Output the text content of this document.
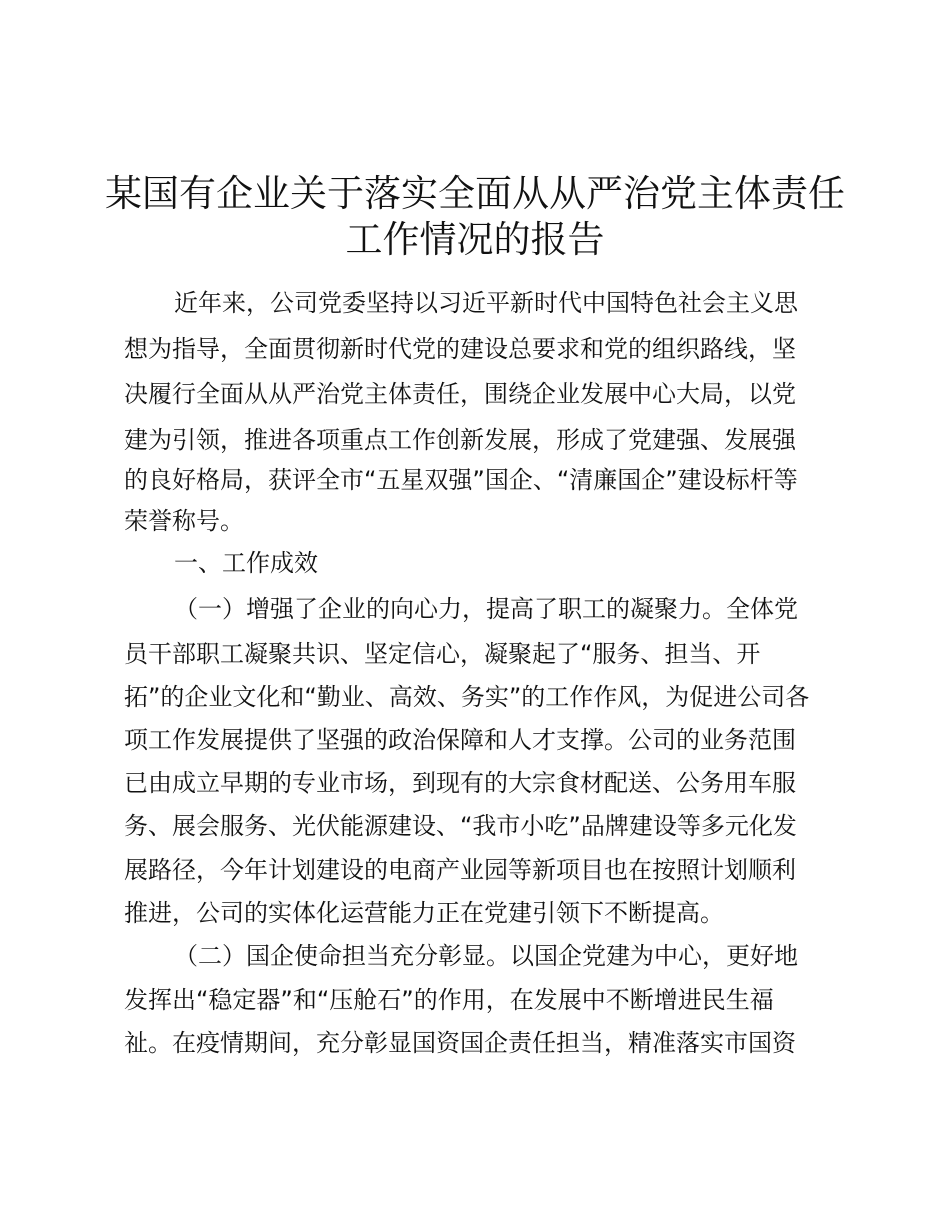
某国有企业关于落实全面从从严治党主体责任
工作情况的报告
近年来，公司党委坚持以习近平新时代中国特色社会主义思
想为指导，全面贯彻新时代党的建设总要求和党的组织路线，坚
决履行全面从从严治党主体责任，围绕企业发展中心大局，以党
建为引领，推进各项重点工作创新发展，形成了党建强、发展强
的良好格局，获评全市“五星双强”国企、“清廉国企”建设标杆等
荣誉称号。
一、工作成效
（一）增强了企业的向心力，提高了职工的凝聚力。全体党
员干部职工凝聚共识、坚定信心，凝聚起了“服务、担当、开
拓”的企业文化和“勤业、高效、务实”的工作作风，为促进公司各
项工作发展提供了坚强的政治保障和人才支撑。公司的业务范围
已由成立早期的专业市场，到现有的大宗食材配送、公务用车服
务、展会服务、光伏能源建设、“我市小吃”品牌建设等多元化发
展路径，今年计划建设的电商产业园等新项目也在按照计划顺利
推进，公司的实体化运营能力正在党建引领下不断提高。
（二）国企使命担当充分彰显。以国企党建为中心，更好地
发挥出“稳定器”和“压舱石”的作用，在发展中不断增进民生福
祉。在疫情期间，充分彰显国资国企责任担当，精准落实市国资
